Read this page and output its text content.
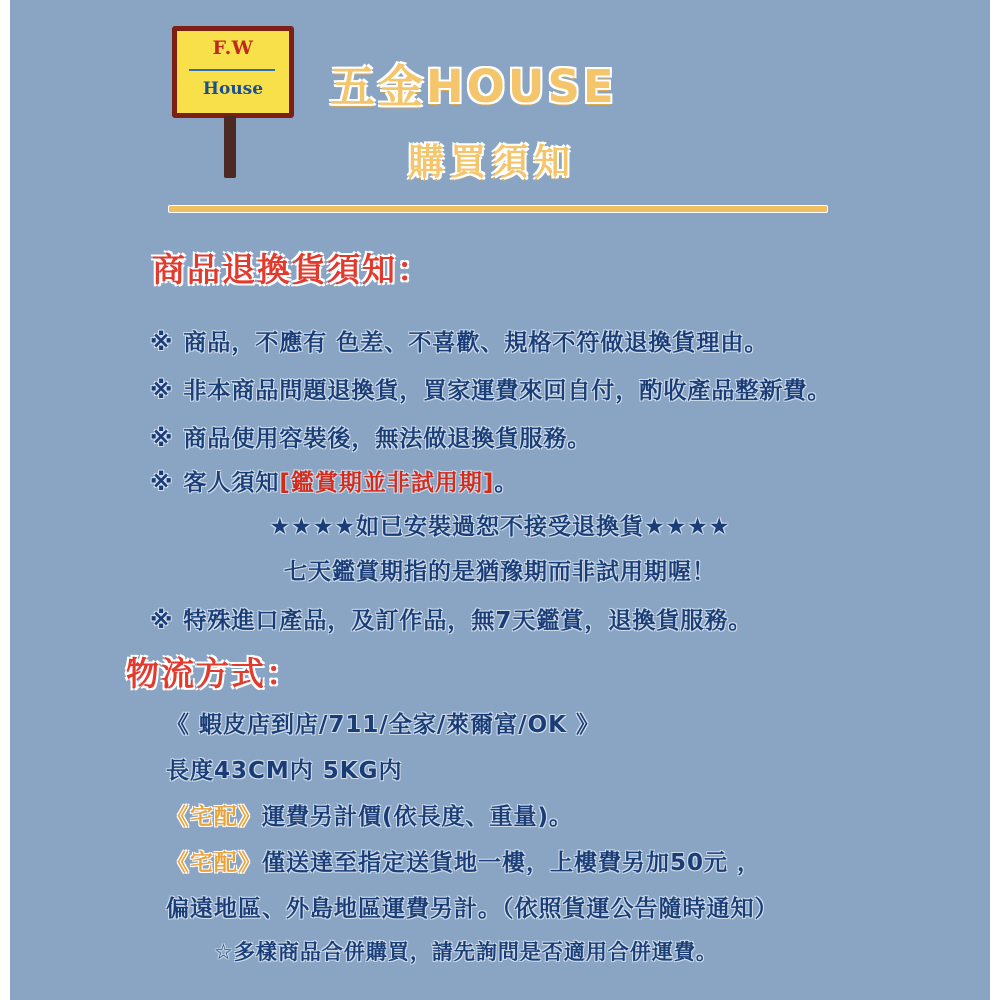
F.W
House	五金HOUSE
購買須知
商品退換貨須知：
※ 商品，不應有 色差、不喜歡、規格不符做退換貨理由。
※ 非本商品問題退換貨，買家運費來回自付，酌收產品整新費。
※ 商品使用容裝後，無法做退換貨服務。
※ 客人須知[鑑賞期並非試用期]。
★★★★如已安裝過恕不接受退換貨★★★★
七天鑑賞期指的是猶豫期而非試用期喔！
※ 特殊進口產品，及訂作品，無7天鑑賞，退換貨服務。
物流方式：
《 蝦皮店到店/711/全家/萊爾富/OK 》
長度43CM内 5KG内
《宅配》運費另計價(依長度、重量)。
《宅配》僅送達至指定送貨地一樓，上樓費另加50元 ，
偏遠地區、外島地區運費另計。（依照貨運公告隨時通知）
☆多樣商品合併購買，請先詢問是否適用合併運費。
